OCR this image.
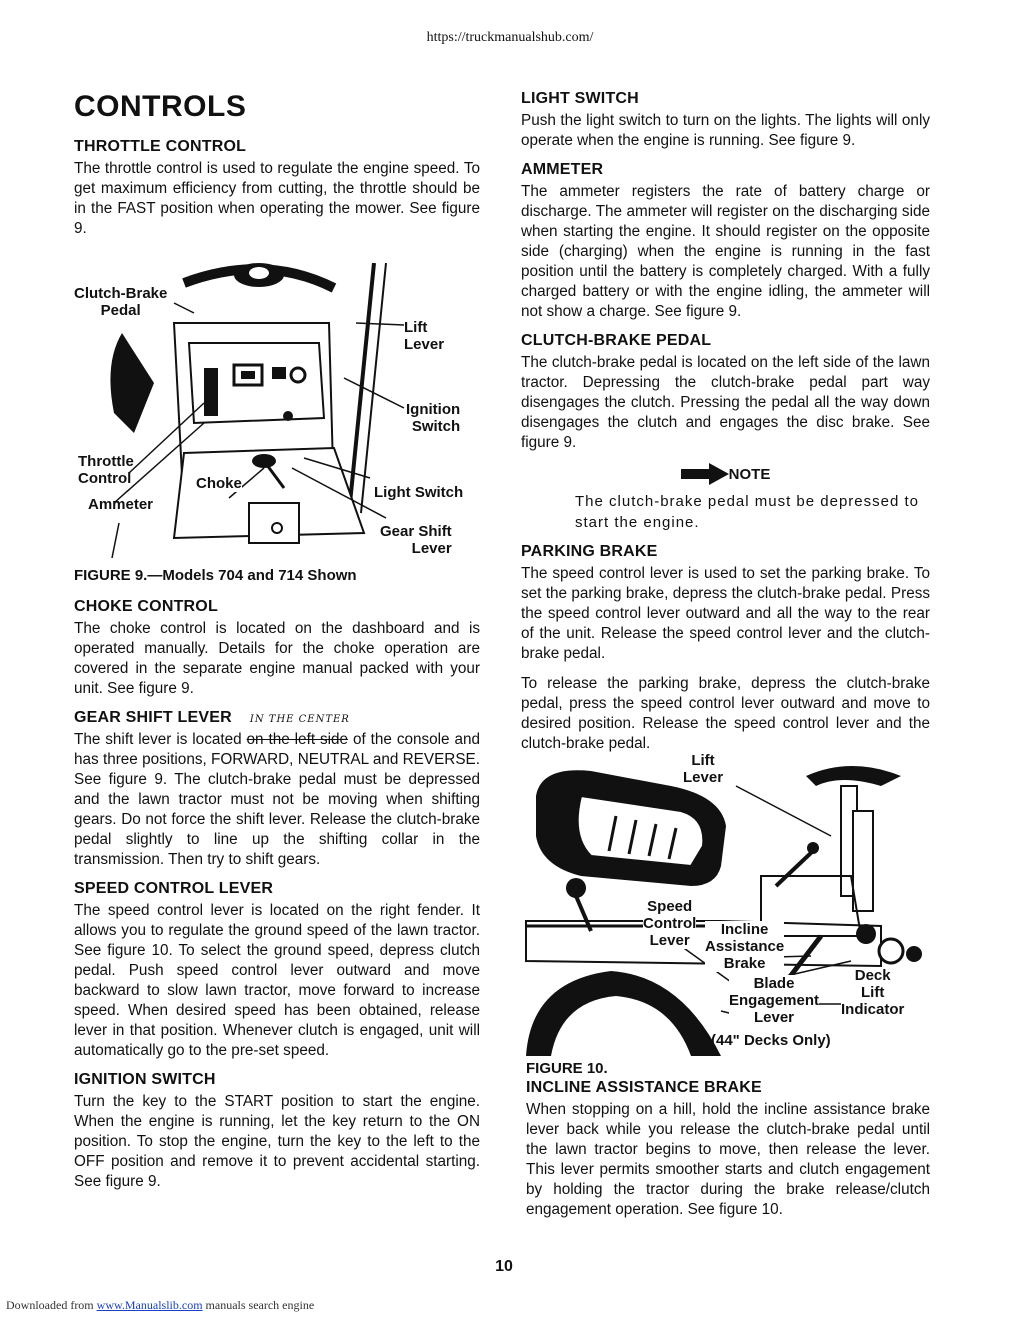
https://truckmanualshub.com/
CONTROLS
THROTTLE CONTROL

The throttle control is used to regulate the engine speed. To get maximum efficiency from cutting, the throttle should be in the FAST position when operating the mower. See figure 9.

Clutch-Brake
Pedal
Lift
Lever
Ignition
Switch
Throttle
Control	Choke
Ammeter
Light Switch
Gear Shift
Lever
FIGURE 9.—Models 704 and 714 Shown
CHOKE CONTROL

The choke control is located on the dashboard and is operated manually. Details for the choke operation are covered in the separate engine manual packed with your unit. See figure 9.

GEAR SHIFT LEVER IN THE CENTER

The shift lever is located on the left side of the console and has three positions, FORWARD, NEUTRAL and REVERSE. See figure 9. The clutch-brake pedal must be depressed and the lawn tractor must not be moving when shifting gears. Do not force the shift lever. Release the clutch-brake pedal slightly to line up the shifting collar in the transmission. Then try to shift gears.

SPEED CONTROL LEVER

The speed control lever is located on the right fender. It allows you to regulate the ground speed of the lawn tractor. See figure 10. To select the ground speed, depress clutch pedal. Push speed control lever outward and move backward to slow lawn tractor, move forward to increase speed. When desired speed has been obtained, release lever in that position. Whenever clutch is engaged, unit will automatically go to the pre-set speed.

IGNITION SWITCH

Turn the key to the START position to start the engine. When the engine is running, let the key return to the ON position. To stop the engine, turn the key to the left to the OFF position and remove it to prevent accidental starting. See figure 9.

LIGHT SWITCH

Push the light switch to turn on the lights. The lights will only operate when the engine is running. See figure 9.

AMMETER

The ammeter registers the rate of battery charge or discharge. The ammeter will register on the discharging side when starting the engine. It should register on the opposite side (charging) when the engine is running in the fast position until the battery is completely charged. With a fully charged battery or with the engine idling, the ammeter will not show a charge. See figure 9.

CLUTCH-BRAKE PEDAL

The clutch-brake pedal is located on the left side of the lawn tractor. Depressing the clutch-brake pedal part way disengages the clutch. Pressing the pedal all the way down disengages the clutch and engages the disc brake. See figure 9.

NOTE
The clutch-brake pedal must be depressed to start the engine.
PARKING BRAKE

The speed control lever is used to set the parking brake. To set the parking brake, depress the clutch-brake pedal. Press the speed control lever outward and all the way to the rear of the unit. Release the speed control lever and the clutch-brake pedal.

To release the parking brake, depress the clutch-brake pedal, press the speed control lever outward and move to desired position. Release the speed control lever and the clutch-brake pedal.

Lift
Lever
Speed
Control
Lever
Incline
Assistance
Brake
Deck
Lift
Indicator
Blade
Engagement
Lever
(44" Decks Only)
FIGURE 10.
INCLINE ASSISTANCE BRAKE

When stopping on a hill, hold the incline assistance brake lever back while you release the clutch-brake pedal until the lawn tractor begins to move, then release the lever. This lever permits smoother starts and clutch engagement by holding the tractor during the brake release/clutch engagement operation. See figure 10.

10
Downloaded from www.Manualslib.com manuals search engine
